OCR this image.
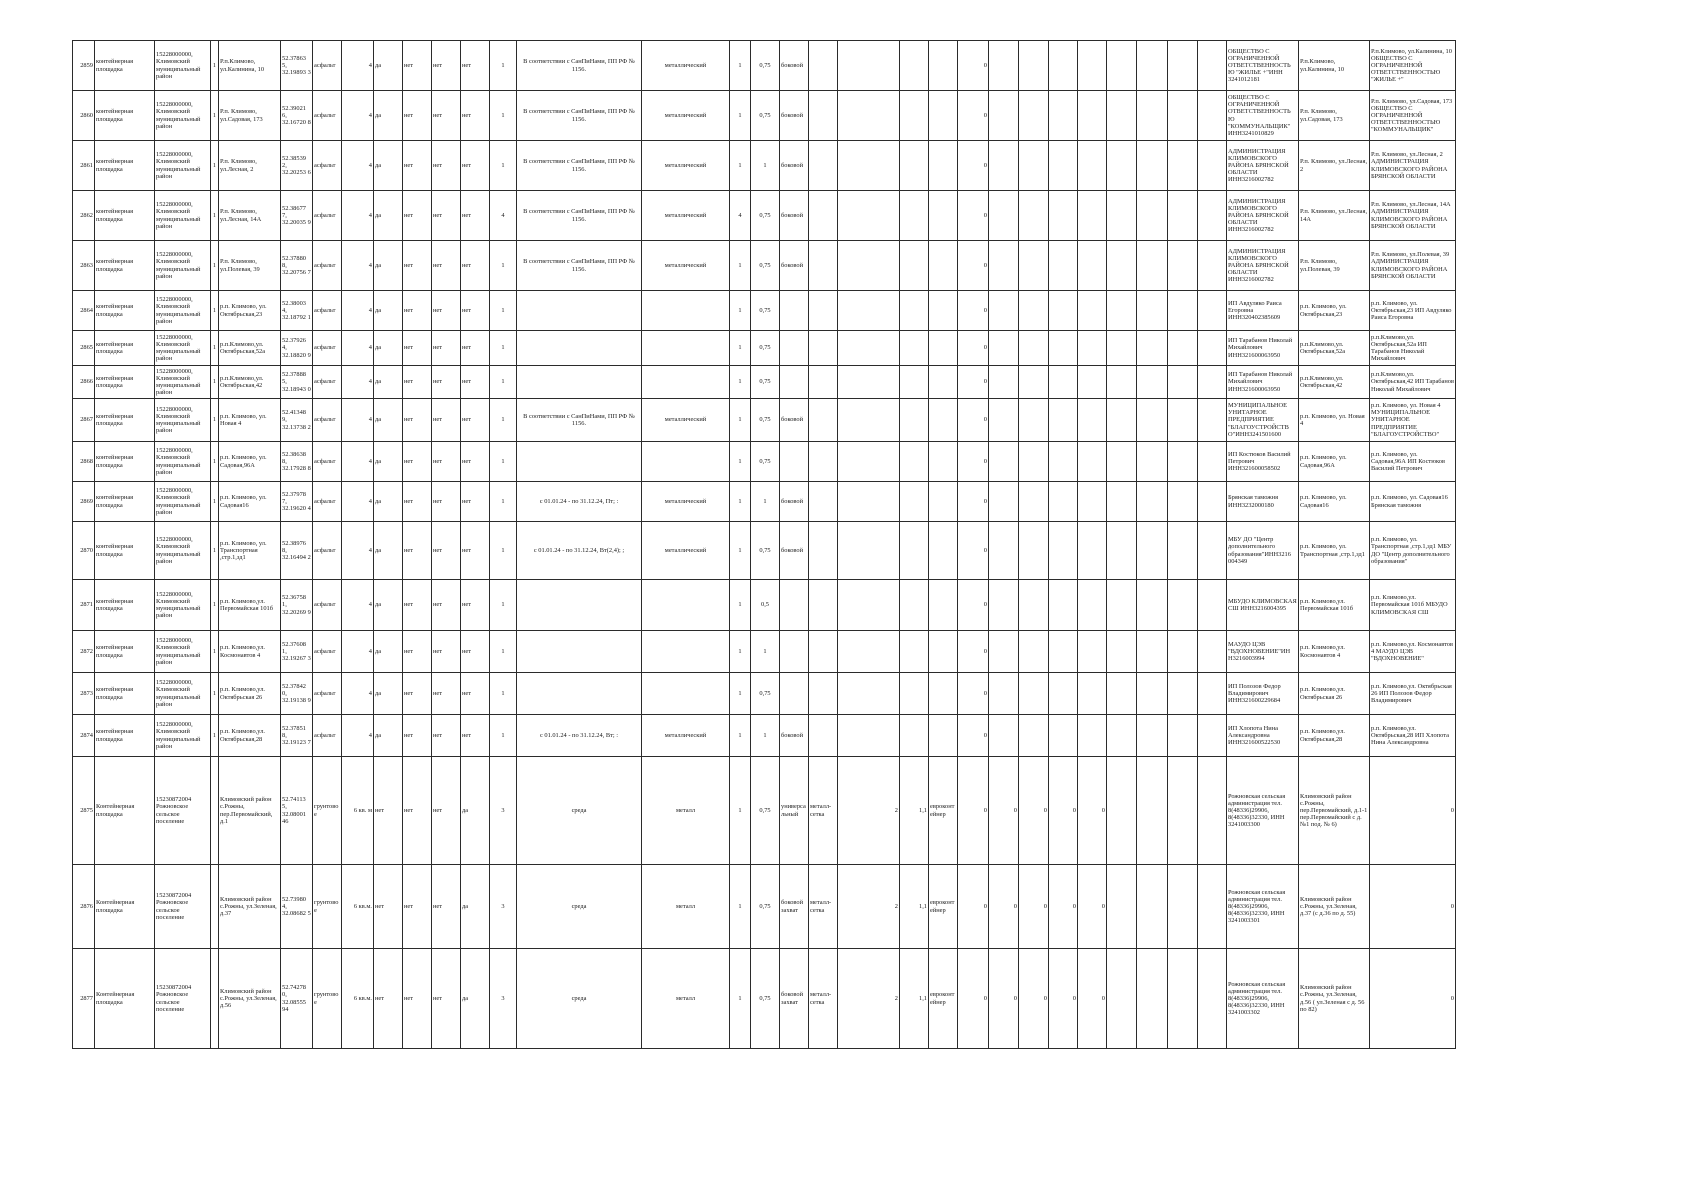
2859	контейнерная площадка	15228000000, Климовский муниципальный район	1	Р.п.Климово, ул.Калинина, 10	52.37863 5, 32.19893 3	асфальт	4	да	нет	нет	нет	1	В соответствии с СанПиНами, ПП РФ № 1156.	металлический	1	0,75	боковой					0									ОБЩЕСТВО С ОГРАНИЧЕННОЙ ОТВЕТСТВЕННОСТЬ Ю "ЖИЛЬЕ +"ИНН 3241012181	Р.п.Климово, ул.Калинина, 10	Р.п.Климово, ул.Калинина, 10 ОБЩЕСТВО С ОГРАНИЧЕННОЙ ОТВЕТСТВЕННОСТЬЮ "ЖИЛЬЕ +"
2860	контейнерная площадка	15228000000, Климовский муниципальный район	1	Р.п. Климово, ул.Садовая, 173	52.39021 6, 32.16720 8	асфальт	4	да	нет	нет	нет	1	В соответствии с СанПиНами, ПП РФ № 1156.	металлический	1	0,75	боковой					0									ОБЩЕСТВО С ОГРАНИЧЕННОЙ ОТВЕТСТВЕННОСТЬ Ю "КОММУНАЛЬЩИК" ИНН3241010829	Р.п. Климово, ул.Садовая, 173	Р.п. Климово, ул.Садовая, 173 ОБЩЕСТВО С ОГРАНИЧЕННОЙ ОТВЕТСТВЕННОСТЬЮ "КОММУНАЛЬЩИК"
2861	контейнерная площадка	15228000000, Климовский муниципальный район	1	Р.п. Климово, ул.Лесная, 2	52.38539 2, 32.20253 6	асфальт	4	да	нет	нет	нет	1	В соответствии с СанПиНами, ПП РФ № 1156.	металлический	1	1	боковой					0									АДМИНИСТРАЦИЯ КЛИМОВСКОГО РАЙОНА БРЯНСКОЙ ОБЛАСТИ ИНН3216002782	Р.п. Климово, ул.Лесная, 2	Р.п. Климово, ул.Лесная, 2 АДМИНИСТРАЦИЯ КЛИМОВСКОГО РАЙОНА БРЯНСКОЙ ОБЛАСТИ
2862	контейнерная площадка	15228000000, Климовский муниципальный район	1	Р.п. Климово, ул.Лесная, 14А	52.38677 7, 32.20035 9	асфальт	4	да	нет	нет	нет	4	В соответствии с СанПиНами, ПП РФ № 1156.	металлический	4	0,75	боковой					0									АДМИНИСТРАЦИЯ КЛИМОВСКОГО РАЙОНА БРЯНСКОЙ ОБЛАСТИ ИНН3216002782	Р.п. Климово, ул.Лесная, 14А	Р.п. Климово, ул.Лесная, 14А АДМИНИСТРАЦИЯ КЛИМОВСКОГО РАЙОНА БРЯНСКОЙ ОБЛАСТИ
2863	контейнерная площадка	15228000000, Климовский муниципальный район	1	Р.п. Климово, ул.Полевая, 39	52.37880 8, 32.20756 7	асфальт	4	да	нет	нет	нет	1	В соответствии с СанПиНами, ПП РФ № 1156.	металлический	1	0,75	боковой					0									АДМИНИСТРАЦИЯ КЛИМОВСКОГО РАЙОНА БРЯНСКОЙ ОБЛАСТИ ИНН3216002782	Р.п. Климово, ул.Полевая, 39	Р.п. Климово, ул.Полевая, 39 АДМИНИСТРАЦИЯ КЛИМОВСКОГО РАЙОНА БРЯНСКОЙ ОБЛАСТИ
2864	контейнерная площадка	15228000000, Климовский муниципальный район	1	р.п. Климово, ул. Октябрьская,23	52.38003 4, 32.18792 1	асфальт	4	да	нет	нет	нет	1			1	0,75						0									ИП Авдуляко Раиса Егоровна ИНН320402385609	р.п. Климово, ул. Октябрьская,23	р.п. Климово, ул. Октябрьская,23 ИП Авдуляко Раиса Егоровна
2865	контейнерная площадка	15228000000, Климовский муниципальный район	1	р.п.Климово,ул. Октябрьская,52а	52.37926 4, 32.18820 9	асфальт	4	да	нет	нет	нет	1			1	0,75						0									ИП Тарабанов Николай Михайлович ИНН321600063950	р.п.Климово,ул. Октябрьская,52а	р.п.Климово,ул. Октябрьская,52а ИП Тарабанов Николай Михайлович
2866	контейнерная площадка	15228000000, Климовский муниципальный район	1	р.п.Климово,ул. Октябрьская,42	52.37888 5, 32.18943 0	асфальт	4	да	нет	нет	нет	1			1	0,75						0									ИП Тарабанов Николай Михайлович ИНН321600063950	р.п.Климово,ул. Октябрьская,42	р.п.Климово,ул. Октябрьская,42 ИП Тарабанов Николай Михайлович
2867	контейнерная площадка	15228000000, Климовский муниципальный район	1	р.п. Климово, ул. Новая 4	52.41348 9, 32.13738 2	асфальт	4	да	нет	нет	нет	1	В соответствии с СанПиНами, ПП РФ № 1156.	металлический	1	0,75	боковой					0									МУНИЦИПАЛЬНОЕ УНИТАРНОЕ ПРЕДПРИЯТИЕ "БЛАГОУСТРОЙСТВ О"ИНН3241501600	р.п. Климово, ул. Новая 4	р.п. Климово, ул. Новая 4 МУНИЦИПАЛЬНОЕ УНИТАРНОЕ ПРЕДПРИЯТИЕ "БЛАГОУСТРОЙСТВО"
2868	контейнерная площадка	15228000000, Климовский муниципальный район	1	р.п. Климово, ул. Садовая,96А	52.38638 8, 32.17928 8	асфальт	4	да	нет	нет	нет	1			1	0,75						0									ИП Костюков Василий Петрович ИНН321600058502	р.п. Климово, ул. Садовая,96А	р.п. Климово, ул. Садовая,96А ИП Костюков Василий Петрович
2869	контейнерная площадка	15228000000, Климовский муниципальный район	1	р.п. Климово, ул. Садовая16	52.37978 7, 32.19620 4	асфальт	4	да	нет	нет	нет	1	с 01.01.24 - по 31.12.24, Пт; :	металлический	1	1	боковой					0									Брянская таможня ИНН3232000180	р.п. Климово, ул. Садовая16	р.п. Климово, ул. Садовая16 Брянская таможня
2870	контейнерная площадка	15228000000, Климовский муниципальный район	1	р.п. Климово, ул. Транспортная ,стр.1,зд1	52.38976 8, 32.16494 2	асфальт	4	да	нет	нет	нет	1	с 01.01.24 - по 31.12.24, Вт(2,4); ;	металлический	1	0,75	боковой					0									МБУ ДО "Центр дополнительного образования"ИНН3216 004349	р.п. Климово, ул. Транспортная ,стр.1,зд1	р.п. Климово, ул. Транспортная ,стр.1,зд1 МБУ ДО "Центр дополнительного образования"
2871	контейнерная площадка	15228000000, Климовский муниципальный район	1	р.п. Климово,ул. Первомайская 101б	52.36758 1, 32.20269 9	асфальт	4	да	нет	нет	нет	1			1	0,5						0									МБУДО КЛИМОВСКАЯ СШ ИНН3216004395	р.п. Климово,ул. Первомайская 101б	р.п. Климово,ул. Первомайская 101б МБУДО КЛИМОВСКАЯ СШ
2872	контейнерная площадка	15228000000, Климовский муниципальный район	1	р.п. Климово,ул. Космонавтов 4	52.37608 1, 32.19267 3	асфальт	4	да	нет	нет	нет	1			1	1						0									МАУДО ЦЭВ "ВДОХНОВЕНИЕ"ИН Н3216003994	р.п. Климово,ул. Космонавтов 4	р.п. Климово,ул. Космонавтов 4 МАУДО ЦЭВ "ВДОХНОВЕНИЕ"
2873	контейнерная площадка	15228000000, Климовский муниципальный район	1	р.п. Климово,ул. Октябрьская 26	52.37842 0, 32.19138 9	асфальт	4	да	нет	нет	нет	1			1	0,75						0									ИП Полозов Федор Владимирович ИНН321600229684	р.п. Климово,ул. Октябрьская 26	р.п. Климово,ул. Октябрьская 26 ИП Полозов Федор Владимирович
2874	контейнерная площадка	15228000000, Климовский муниципальный район	1	р.п. Климово,ул. Октябрьская,28	52.37851 8, 32.19123 7	асфальт	4	да	нет	нет	нет	1	с 01.01.24 - по 31.12.24, Вт; :	металлический	1	1	боковой					0									ИП Хлопота Нина Александровна ИНН321600522530	р.п. Климово,ул. Октябрьская,28	р.п. Климово,ул. Октябрьская,28 ИП Хлопота Нина Александровна
2875	Контейнерная площадка	15230872004 Рожновское сельское поселение		Климовский район с.Рожны, пер.Первомайский, д.1	52.74113 5, 32.08001 46	грунтово е	6 кв. м	нет	нет	нет	да	3	среда	металл	1	0,75	универса льный	металл-сетка	2	1,1	евроконт ейнер	0	0	0	0	0					Рожновская сельская администрация тел. 8(48336)29906, 8(48336)32330, ИНН 3241003300	Климовский район с.Рожны, пер.Первомайский, д.1-1 пер.Первомайский с д. №1 под. № 6)	0
2876	Контейнерная площадка	15230872004 Рожновское сельское поселение		Климовский район с.Рожны, ул.Зеленая, д.37	52.73980 4, 32.08682 5	грунтово е	6 кв.м.	нет	нет	нет	да	3	среда	металл	1	0,75	боковой захват	металл-сетка	2	1,1	евроконт ейнер	0	0	0	0	0					Рожновская сельская администрация тел. 8(48336)29906, 8(48336)32330, ИНН 3241003301	Климовский район с.Рожны, ул.Зеленая, д.37 (с д.36 по д. 55)	0
2877	Контейнерная площадка	15230872004 Рожновское сельское поселение		Климовский район с.Рожны, ул.Зеленая, д.56	52.74278 0, 32.08555 94	грунтово е	6 кв.м.	нет	нет	нет	да	3	среда	металл	1	0,75	боковой захват	металл-сетка	2	1,1	евроконт ейнер	0	0	0	0	0					Рожновская сельская администрация тел. 8(48336)29906, 8(48336)32330, ИНН 3241003302	Климовский район с.Рожны, ул.Зеленая, д.56 ( ул.Зеленая с д. 56 по 82)	0
